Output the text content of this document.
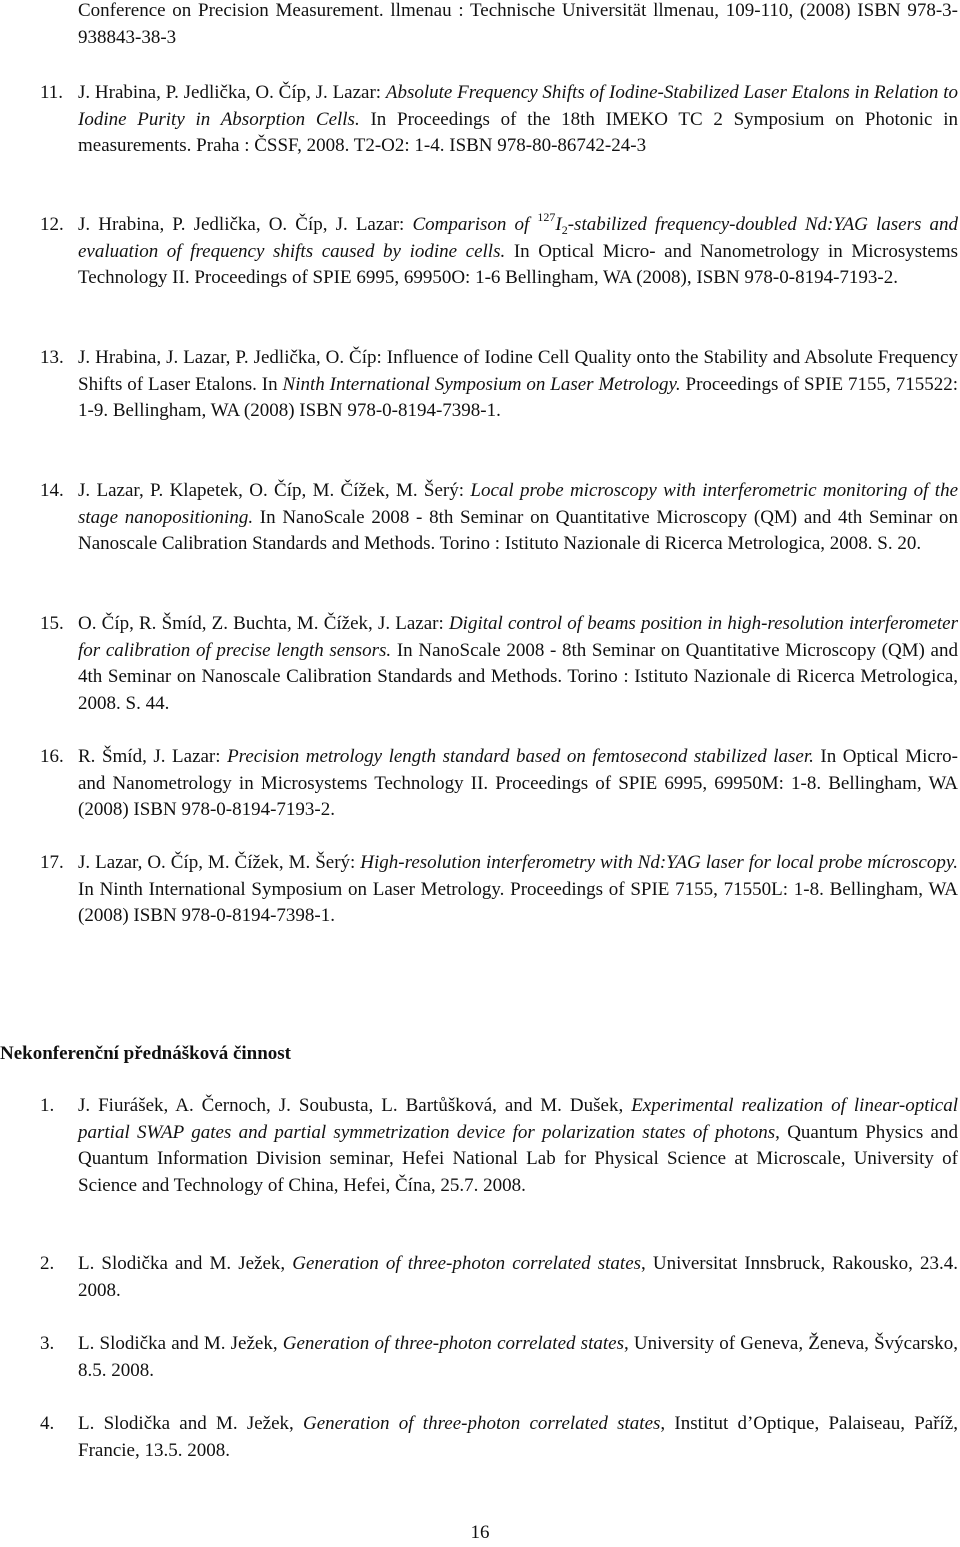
Conference on Precision Measurement. llmenau : Technische Universität llmenau, 109-110, (2008) ISBN 978-3-938843-38-3
11. J. Hrabina, P. Jedlička, O. Číp, J. Lazar: Absolute Frequency Shifts of Iodine-Stabilized Laser Etalons in Relation to Iodine Purity in Absorption Cells. In Proceedings of the 18th IMEKO TC 2 Symposium on Photonic in measurements. Praha : ČSSF, 2008. T2-O2: 1-4. ISBN 978-80-86742-24-3
12. J. Hrabina, P. Jedlička, O. Číp, J. Lazar: Comparison of $^{127}I_2$-stabilized frequency-doubled Nd:YAG lasers and evaluation of frequency shifts caused by iodine cells. In Optical Micro- and Nanometrology in Microsystems Technology II. Proceedings of SPIE 6995, 69950O: 1-6 Bellingham, WA (2008), ISBN 978-0-8194-7193-2.
13. J. Hrabina, J. Lazar, P. Jedlička, O. Číp: Influence of Iodine Cell Quality onto the Stability and Absolute Frequency Shifts of Laser Etalons. In Ninth International Symposium on Laser Metrology. Proceedings of SPIE 7155, 715522: 1-9. Bellingham, WA (2008) ISBN 978-0-8194-7398-1.
14. J. Lazar, P. Klapetek, O. Číp, M. Čížek, M. Šerý: Local probe microscopy with interferometric monitoring of the stage nanopositioning. In NanoScale 2008 - 8th Seminar on Quantitative Microscopy (QM) and 4th Seminar on Nanoscale Calibration Standards and Methods. Torino : Istituto Nazionale di Ricerca Metrologica, 2008. S. 20.
15. O. Číp, R. Šmíd, Z. Buchta, M. Čížek, J. Lazar: Digital control of beams position in high-resolution interferometer for calibration of precise length sensors. In NanoScale 2008 - 8th Seminar on Quantitative Microscopy (QM) and 4th Seminar on Nanoscale Calibration Standards and Methods. Torino : Istituto Nazionale di Ricerca Metrologica, 2008. S. 44.
16. R. Šmíd, J. Lazar: Precision metrology length standard based on femtosecond stabilized laser. In Optical Micro- and Nanometrology in Microsystems Technology II. Proceedings of SPIE 6995, 69950M: 1-8. Bellingham, WA (2008) ISBN 978-0-8194-7193-2.
17. J. Lazar, O. Číp, M. Čížek, M. Šerý: High-resolution interferometry with Nd:YAG laser for local probe mícroscopy. In Ninth International Symposium on Laser Metrology. Proceedings of SPIE 7155, 71550L: 1-8. Bellingham, WA (2008) ISBN 978-0-8194-7398-1.
Nekonferenční přednášková činnost
1. J. Fiurášek, A. Černoch, J. Soubusta, L. Bartůšková, and M. Dušek, Experimental realization of linear-optical partial SWAP gates and partial symmetrization device for polarization states of photons, Quantum Physics and Quantum Information Division seminar, Hefei National Lab for Physical Science at Microscale, University of Science and Technology of China, Hefei, Čína, 25.7. 2008.
2. L. Slodička and M. Ježek, Generation of three-photon correlated states, Universitat Innsbruck, Rakousko, 23.4. 2008.
3. L. Slodička and M. Ježek, Generation of three-photon correlated states, University of Geneva, Ženeva, Švýcarsko, 8.5. 2008.
4. L. Slodička and M. Ježek, Generation of three-photon correlated states, Institut d’Optique, Palaiseau, Paříž, Francie, 13.5. 2008.
16
